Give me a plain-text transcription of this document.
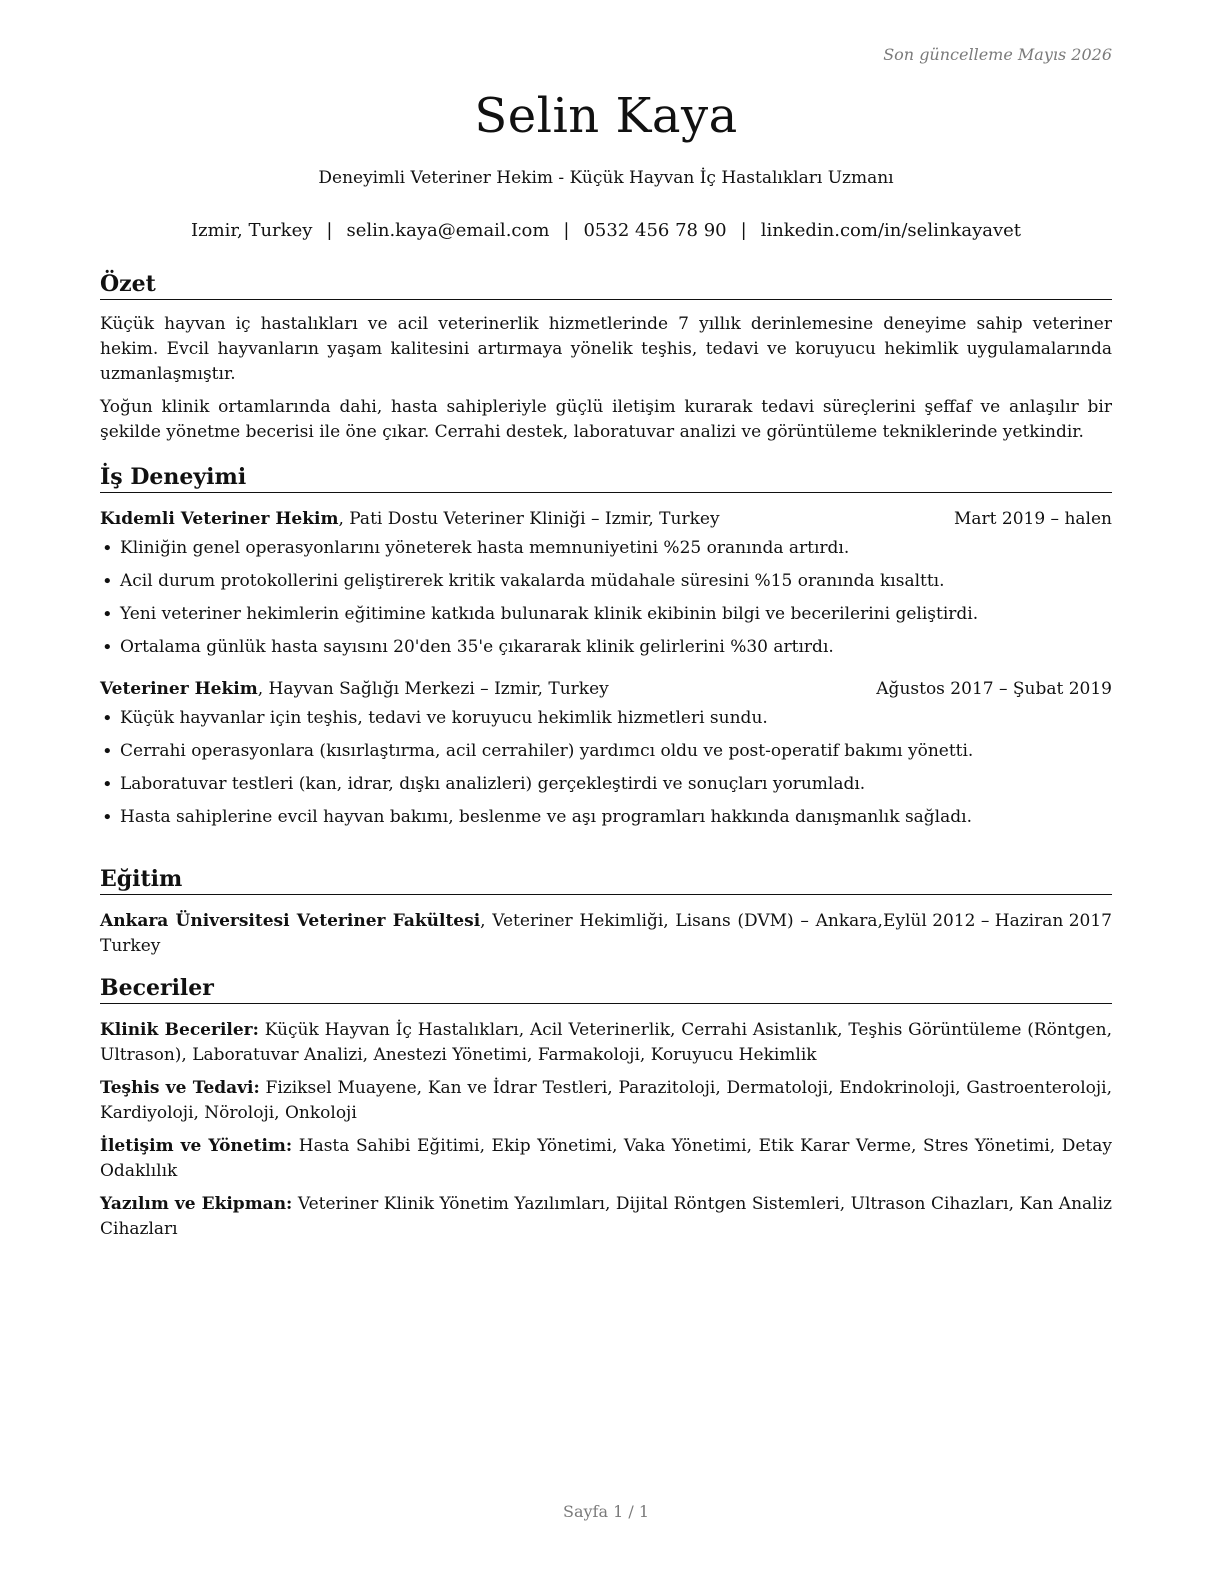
Son güncelleme Mayıs 2026
Selin Kaya
Deneyimli Veteriner Hekim - Küçük Hayvan İç Hastalıkları Uzmanı
Izmir, Turkey | selin.kaya@email.com | 0532 456 78 90 | linkedin.com/in/selinkayavet
Özet

Küçük hayvan iç hastalıkları ve acil veterinerlik hizmetlerinde 7 yıllık derinlemesine deneyime sahip veteriner hekim. Evcil hayvanların yaşam kalitesini artırmaya yönelik teşhis, tedavi ve koruyucu hekimlik uygulamalarında uzmanlaşmıştır.

Yoğun klinik ortamlarında dahi, hasta sahipleriyle güçlü iletişim kurarak tedavi süreçlerini şeffaf ve anlaşılır bir şekilde yönetme becerisi ile öne çıkar. Cerrahi destek, laboratuvar analizi ve görüntüleme tekniklerinde yetkindir.

İş Deneyimi
Kıdemli Veteriner Hekim, Pati Dostu Veteriner Kliniği – Izmir, Turkey	Mart 2019 – halen
• Kliniğin genel operasyonlarını yöneterek hasta memnuniyetini %25 oranında artırdı.
• Acil durum protokollerini geliştirerek kritik vakalarda müdahale süresini %15 oranında kısalttı.
• Yeni veteriner hekimlerin eğitimine katkıda bulunarak klinik ekibinin bilgi ve becerilerini geliştirdi.
• Ortalama günlük hasta sayısını 20'den 35'e çıkararak klinik gelirlerini %30 artırdı.
Veteriner Hekim, Hayvan Sağlığı Merkezi – Izmir, Turkey	Ağustos 2017 – Şubat 2019
• Küçük hayvanlar için teşhis, tedavi ve koruyucu hekimlik hizmetleri sundu.
• Cerrahi operasyonlara (kısırlaştırma, acil cerrahiler) yardımcı oldu ve post-operatif bakımı yönetti.
• Laboratuvar testleri (kan, idrar, dışkı analizleri) gerçekleştirdi ve sonuçları yorumladı.
• Hasta sahiplerine evcil hayvan bakımı, beslenme ve aşı programları hakkında danışmanlık sağladı.
Eğitim
Eylül 2012 – Haziran 2017
Ankara Üniversitesi Veteriner Fakültesi, Veteriner Hekimliği, Lisans (DVM) – Ankara, Turkey
Beceriler
Klinik Beceriler: Küçük Hayvan İç Hastalıkları, Acil Veterinerlik, Cerrahi Asistanlık, Teşhis Görüntüleme (Röntgen, Ultrason), Laboratuvar Analizi, Anestezi Yönetimi, Farmakoloji, Koruyucu Hekimlik
Teşhis ve Tedavi: Fiziksel Muayene, Kan ve İdrar Testleri, Parazitoloji, Dermatoloji, Endokrinoloji, Gastroenteroloji, Kardiyoloji, Nöroloji, Onkoloji
İletişim ve Yönetim: Hasta Sahibi Eğitimi, Ekip Yönetimi, Vaka Yönetimi, Etik Karar Verme, Stres Yönetimi, Detay Odaklılık
Yazılım ve Ekipman: Veteriner Klinik Yönetim Yazılımları, Dijital Röntgen Sistemleri, Ultrason Cihazları, Kan Analiz Cihazları
Sayfa 1 / 1
